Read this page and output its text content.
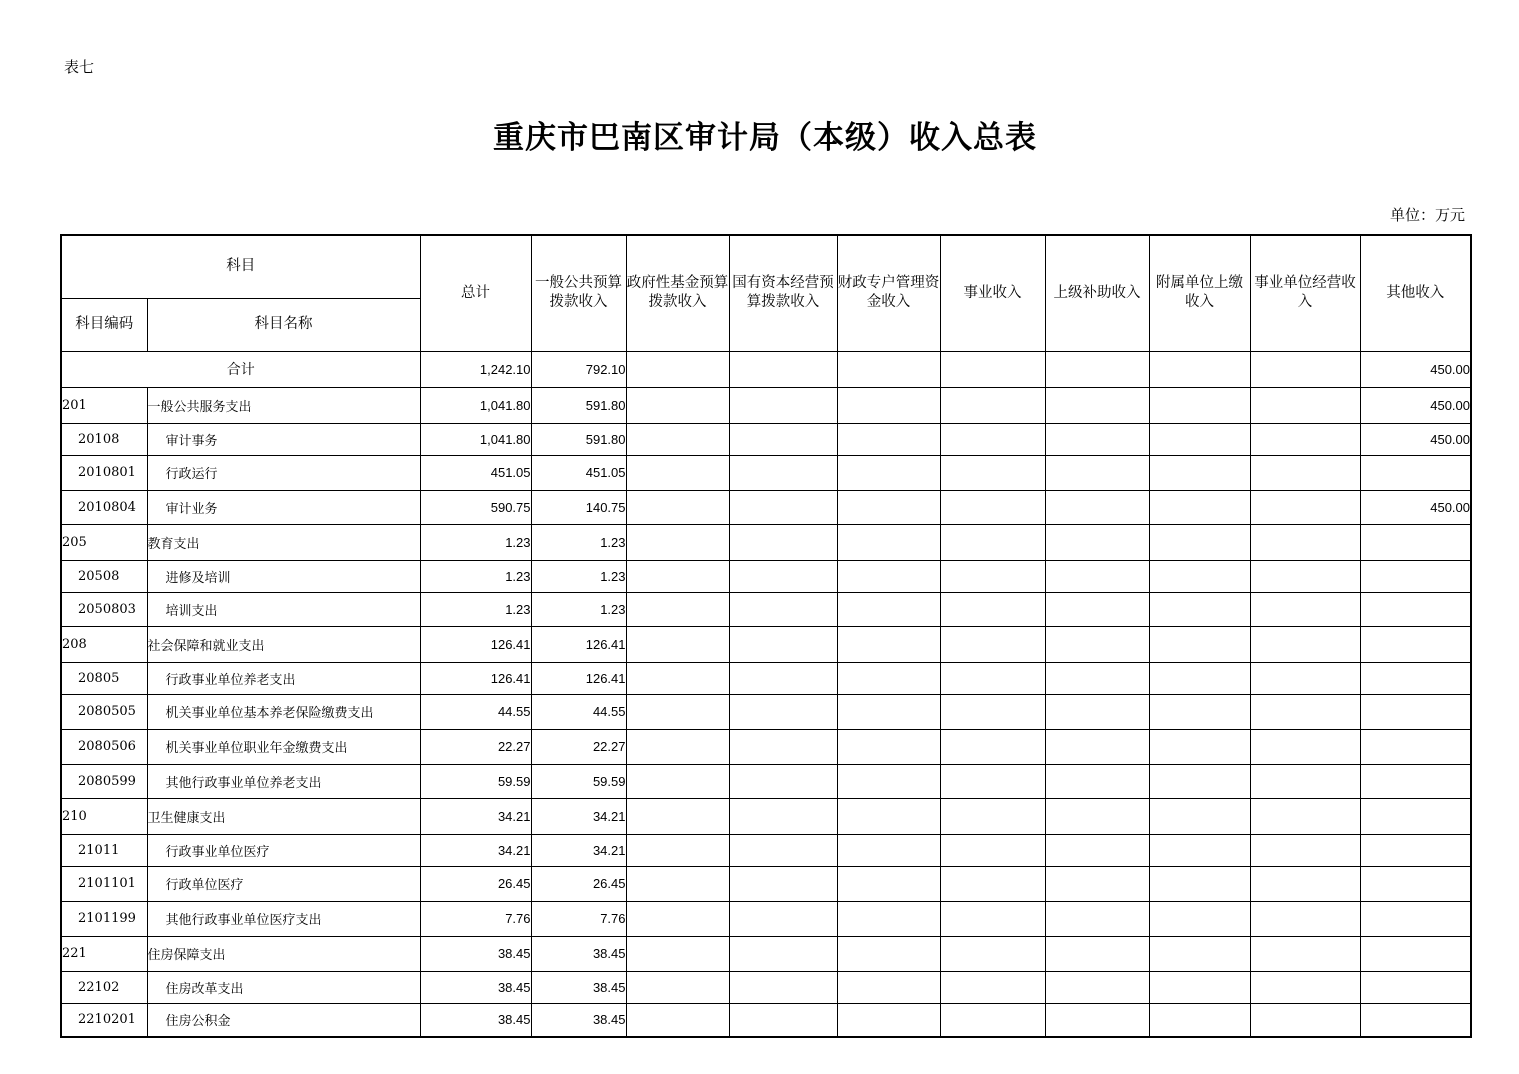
表七
重庆市巴南区审计局（本级）收入总表
单位：万元
科目		总计	一般公共预算拨款收入	政府性基金预算拨款收入	国有资本经营预算拨款收入	财政专户管理资金收入	事业收入	上级补助收入	附属单位上缴收入	事业单位经营收入	其他收入
科目编码	科目名称										
合计		1,242.10	792.10								450.00
201	一般公共服务支出	1,041.80	591.80								450.00
20108	审计事务	1,041.80	591.80								450.00
2010801	行政运行	451.05	451.05								
2010804	审计业务	590.75	140.75								450.00
205	教育支出	1.23	1.23								
20508	进修及培训	1.23	1.23								
2050803	培训支出	1.23	1.23								
208	社会保障和就业支出	126.41	126.41								
20805	行政事业单位养老支出	126.41	126.41								
2080505	机关事业单位基本养老保险缴费支出	44.55	44.55								
2080506	机关事业单位职业年金缴费支出	22.27	22.27								
2080599	其他行政事业单位养老支出	59.59	59.59								
210	卫生健康支出	34.21	34.21								
21011	行政事业单位医疗	34.21	34.21								
2101101	行政单位医疗	26.45	26.45								
2101199	其他行政事业单位医疗支出	7.76	7.76								
221	住房保障支出	38.45	38.45								
22102	住房改革支出	38.45	38.45								
2210201	住房公积金	38.45	38.45								
